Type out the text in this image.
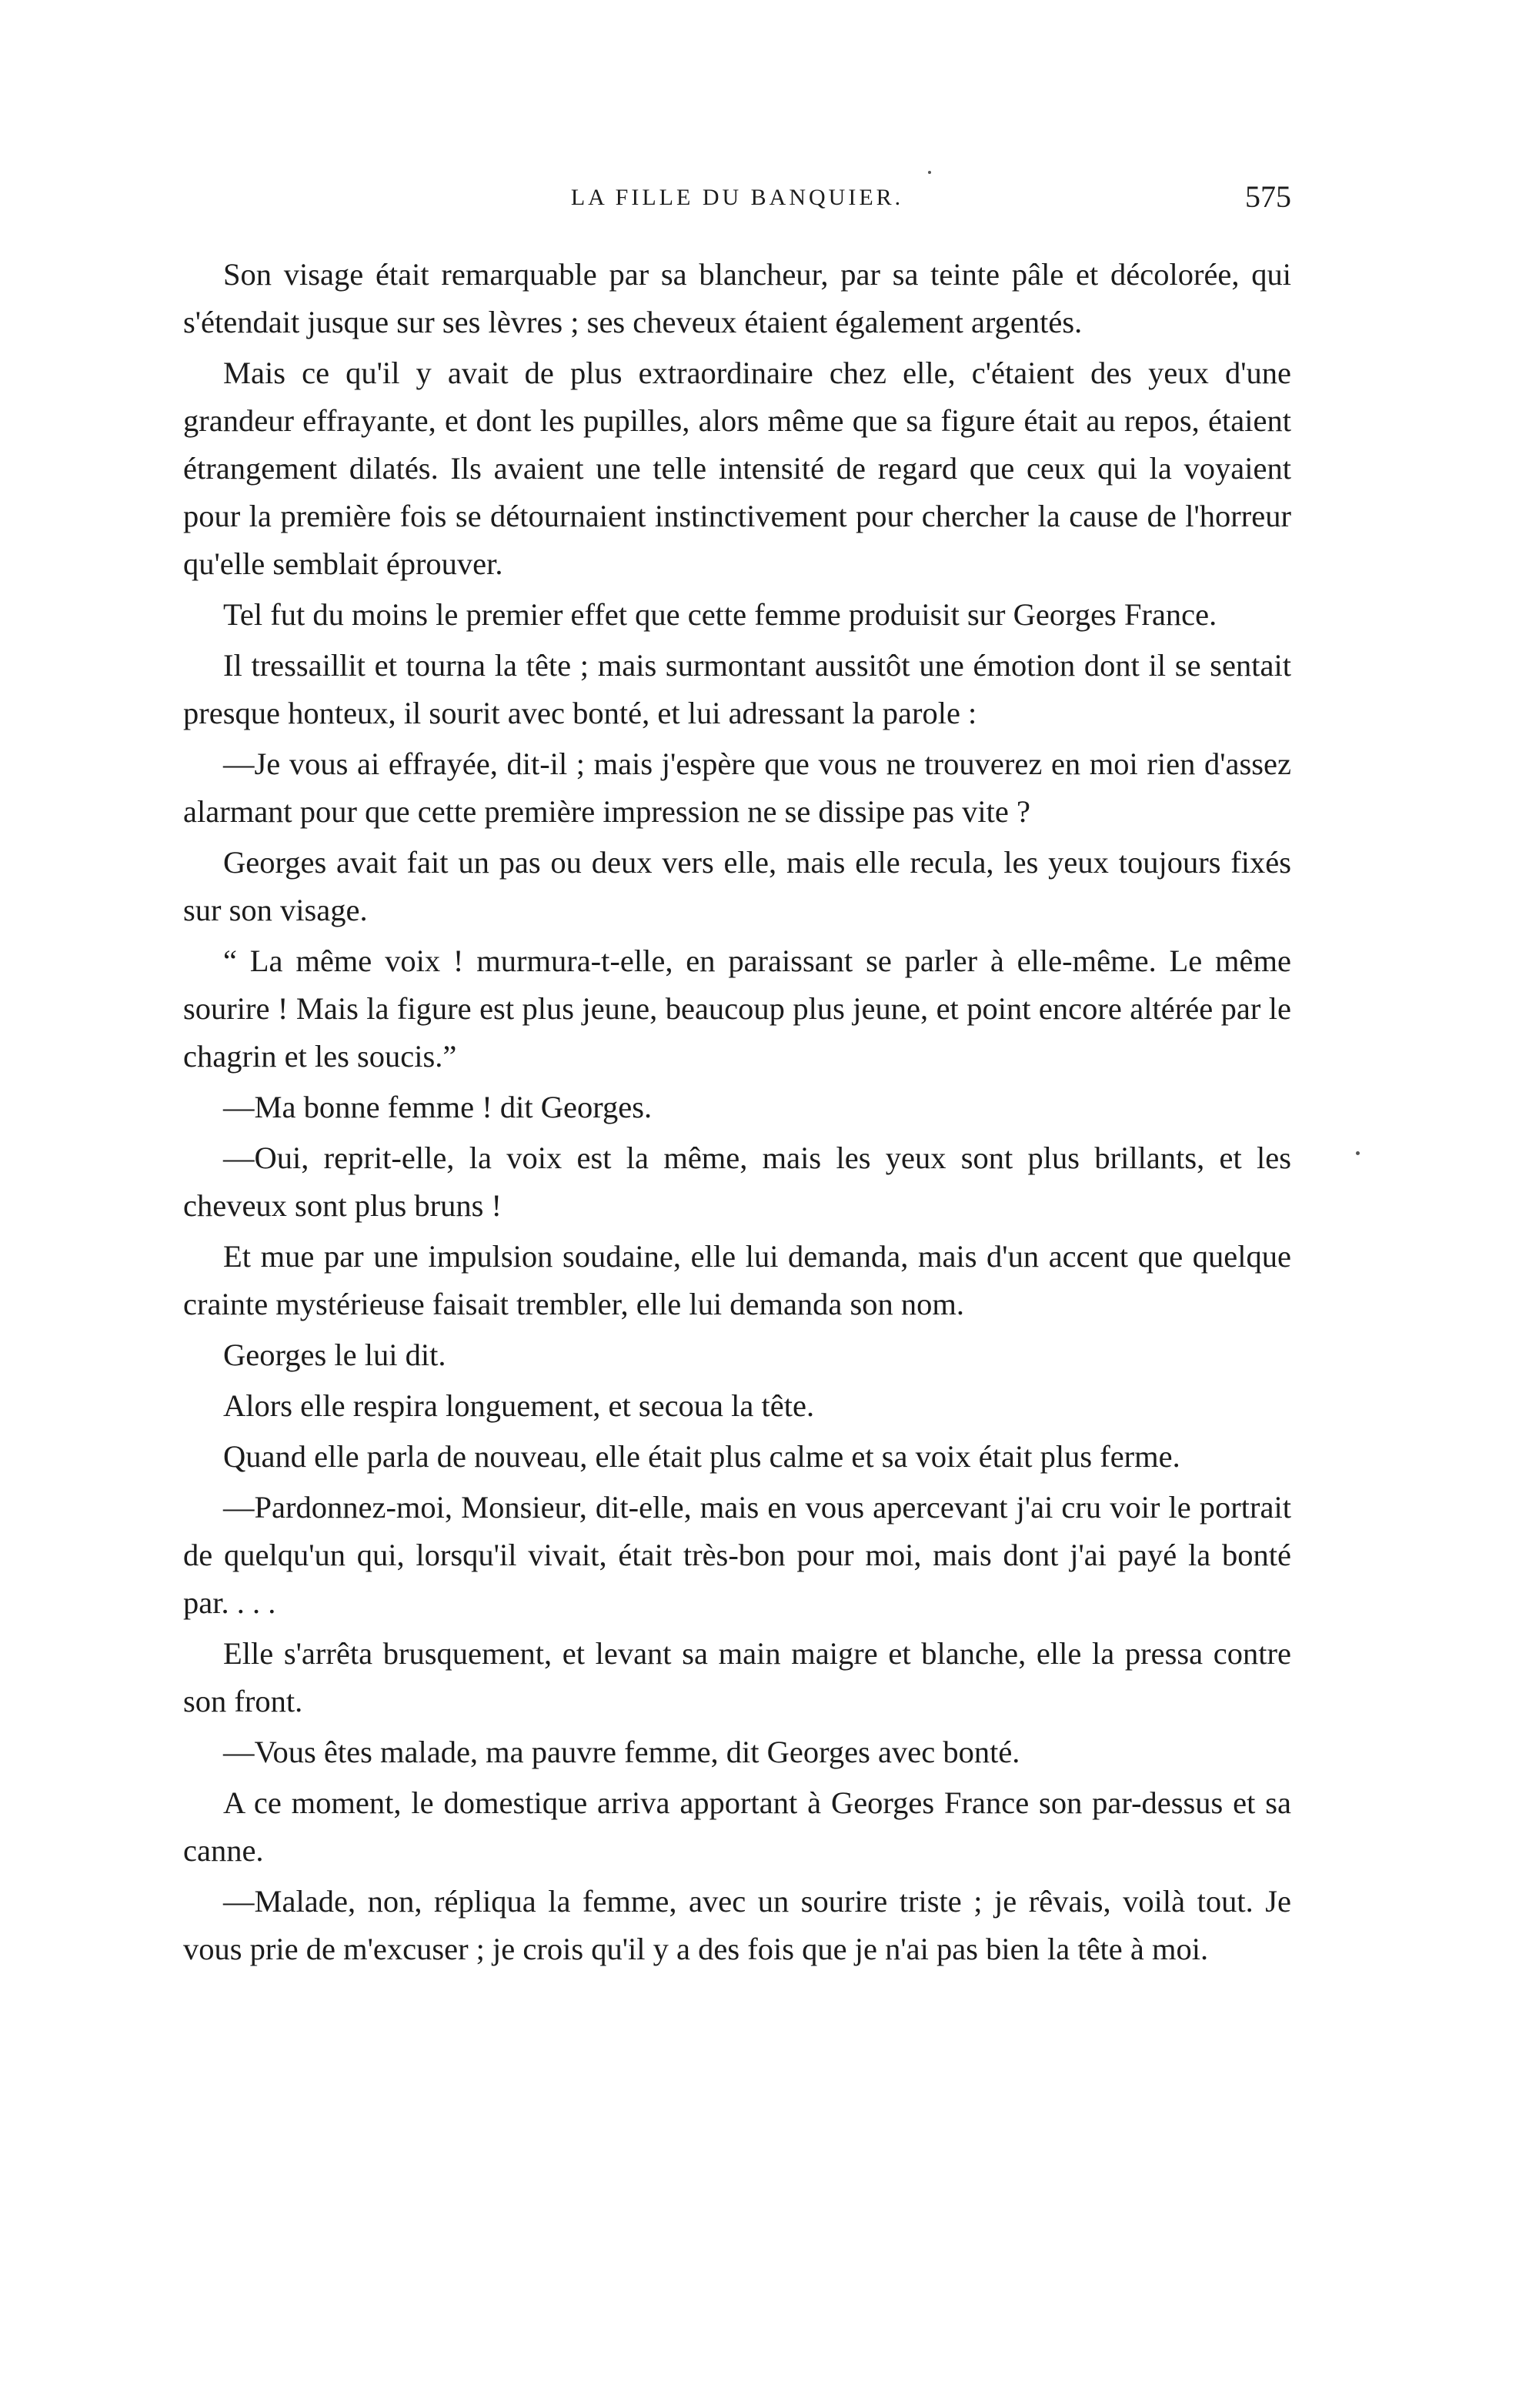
LA FILLE DU BANQUIER.	575

Son visage était remarquable par sa blancheur, par sa teinte pâle et décolorée, qui s'étendait jusque sur ses lèvres ; ses cheveux étaient également argentés.

Mais ce qu'il y avait de plus extraordinaire chez elle, c'étaient des yeux d'une grandeur effrayante, et dont les pupilles, alors même que sa figure était au repos, étaient étrangement dilatés. Ils avaient une telle intensité de regard que ceux qui la voyaient pour la première fois se détournaient instinctivement pour chercher la cause de l'horreur qu'elle semblait éprouver.

Tel fut du moins le premier effet que cette femme produisit sur Georges France.

Il tressaillit et tourna la tête ; mais surmontant aussitôt une émotion dont il se sentait presque honteux, il sourit avec bonté, et lui adressant la parole :

—Je vous ai effrayée, dit-il ; mais j'espère que vous ne trouverez en moi rien d'assez alarmant pour que cette première impression ne se dissipe pas vite ?

Georges avait fait un pas ou deux vers elle, mais elle recula, les yeux toujours fixés sur son visage.

“ La même voix ! murmura-t-elle, en paraissant se parler à elle-même. Le même sourire ! Mais la figure est plus jeune, beaucoup plus jeune, et point encore altérée par le chagrin et les soucis.”

—Ma bonne femme ! dit Georges.

—Oui, reprit-elle, la voix est la même, mais les yeux sont plus brillants, et les cheveux sont plus bruns !

Et mue par une impulsion soudaine, elle lui demanda, mais d'un accent que quelque crainte mystérieuse faisait trembler, elle lui demanda son nom.

Georges le lui dit.

Alors elle respira longuement, et secoua la tête.

Quand elle parla de nouveau, elle était plus calme et sa voix était plus ferme.

—Pardonnez-moi, Monsieur, dit-elle, mais en vous apercevant j'ai cru voir le portrait de quelqu'un qui, lorsqu'il vivait, était très-bon pour moi, mais dont j'ai payé la bonté par. . . .

Elle s'arrêta brusquement, et levant sa main maigre et blanche, elle la pressa contre son front.

—Vous êtes malade, ma pauvre femme, dit Georges avec bonté.

A ce moment, le domestique arriva apportant à Georges France son par-dessus et sa canne.

—Malade, non, répliqua la femme, avec un sourire triste ; je rêvais, voilà tout. Je vous prie de m'excuser ; je crois qu'il y a des fois que je n'ai pas bien la tête à moi.
